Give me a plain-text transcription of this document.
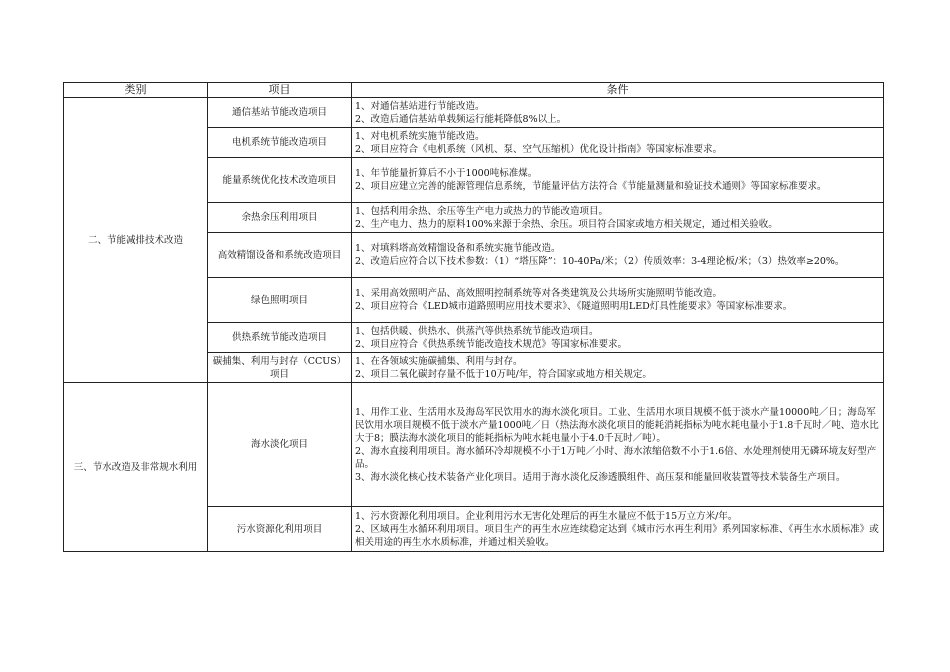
类别	项目	条件
二、节能减排技术改造	通信基站节能改造项目	1、对通信基站进行节能改造。
2、改造后通信基站单载频运行能耗降低8%以上。

	电机系统节能改造项目	1、对电机系统实施节能改造。
2、项目应符合《电机系统（风机、泵、空气压缩机）优化设计指南》等国家标准要求。

	能量系统优化技术改造项目	1、年节能量折算后不小于1000吨标准煤。
2、项目应建立完善的能源管理信息系统，节能量评估方法符合《节能量测量和验证技术通则》等国家标准要求。

	余热余压利用项目	1、包括利用余热、余压等生产电力或热力的节能改造项目。
2、生产电力、热力的原料100%来源于余热、余压。项目符合国家或地方相关规定，通过相关验收。

	高效精馏设备和系统改造项目	1、对填料塔高效精馏设备和系统实施节能改造。
2、改造后应符合以下技术参数：（1）“塔压降”：10-40Pa/米；（2）传质效率：3-4理论板/米；（3）热效率≥20%。

	绿色照明项目	1、采用高效照明产品、高效照明控制系统等对各类建筑及公共场所实施照明节能改造。
2、项目应符合《LED城市道路照明应用技术要求》、《隧道照明用LED灯具性能要求》等国家标准要求。

	供热系统节能改造项目	1、包括供暖、供热水、供蒸汽等供热系统节能改造项目。
2、项目应符合《供热系统节能改造技术规范》等国家标准要求。

	碳捕集、利用与封存（CCUS）项目	1、在各领域实施碳捕集、利用与封存。
2、项目二氧化碳封存量不低于10万吨/年，符合国家或地方相关规定。

三、节水改造及非常规水利用	海水淡化项目	1、用作工业、生活用水及海岛军民饮用水的海水淡化项目。工业、生活用水项目规模不低于淡水产量10000吨／日；海岛军民饮用水项目规模不低于淡水产量1000吨／日（热法海水淡化项目的能耗消耗指标为吨水耗电量小于1.8千瓦时／吨、造水比大于8；膜法海水淡化项目的能耗指标为吨水耗电量小于4.0千瓦时／吨）。
2、海水直接利用项目。海水循环冷却规模不小于1万吨／小时、海水浓缩倍数不小于1.6倍、水处理剂使用无磷环境友好型产品。
3、海水淡化核心技术装备产业化项目。适用于海水淡化反渗透膜组件、高压泵和能量回收装置等技术装备生产项目。

	污水资源化利用项目	1、污水资源化利用项目。企业利用污水无害化处理后的再生水量应不低于15万立方米/年。
2、区域再生水循环利用项目。项目生产的再生水应连续稳定达到《城市污水再生利用》系列国家标准、《再生水水质标准》或相关用途的再生水水质标准，并通过相关验收。
